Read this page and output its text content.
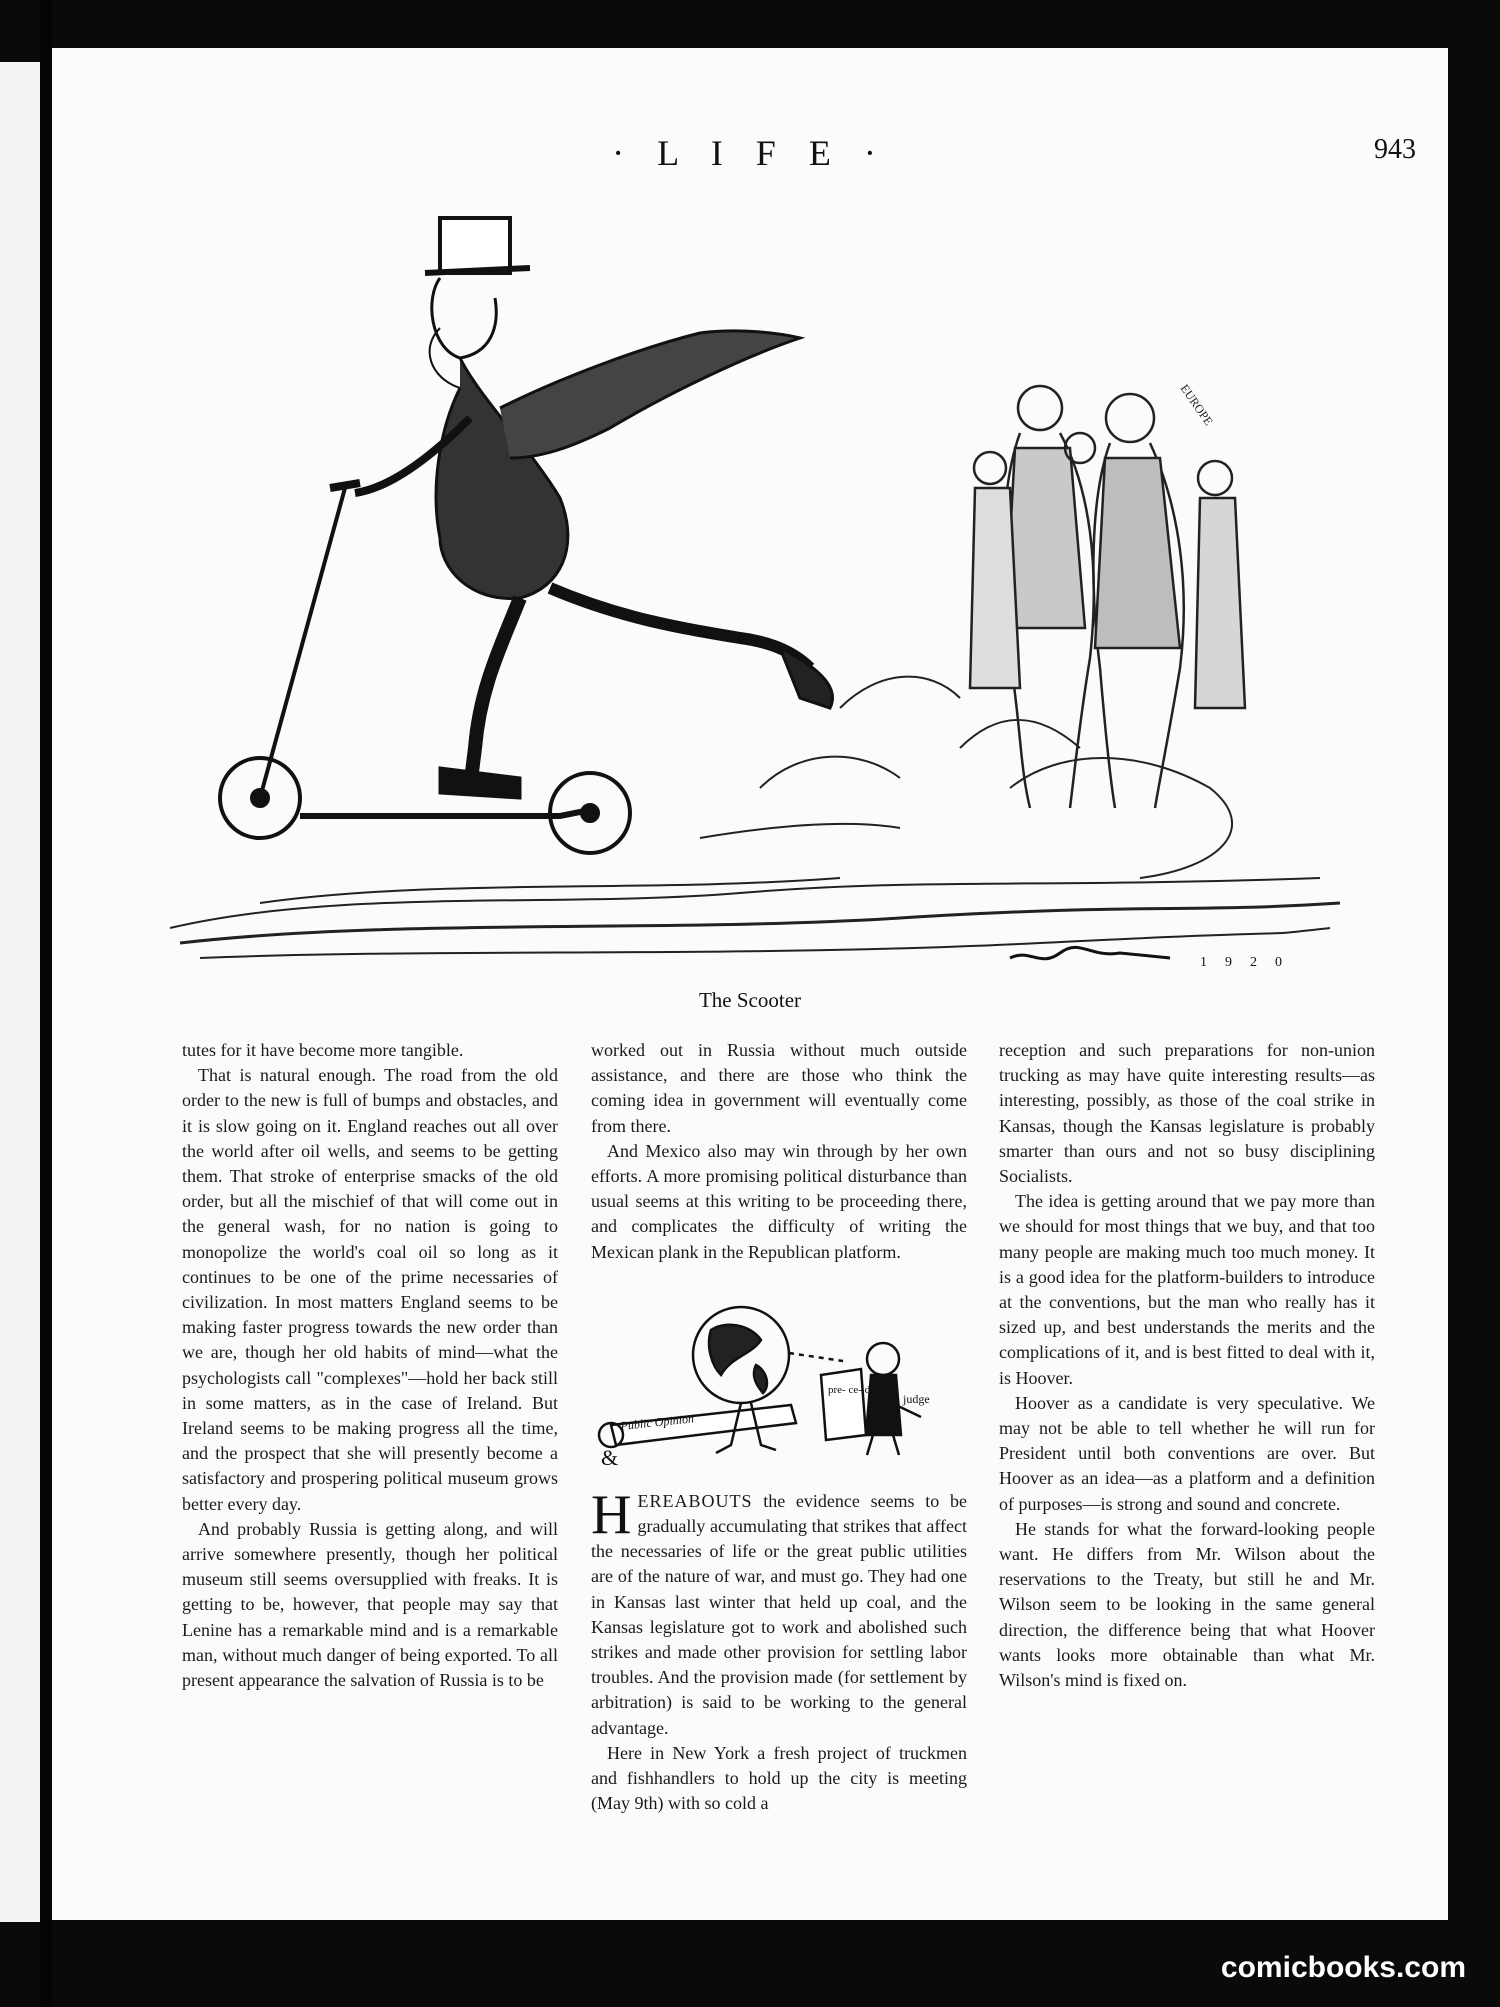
· L I F E ·	943
EUROPE
1920
The Scooter

tutes for it have become more tangible.

That is natural enough. The road from the old order to the new is full of bumps and obstacles, and it is slow going on it. England reaches out all over the world after oil wells, and seems to be getting them. That stroke of enterprise smacks of the old order, but all the mischief of that will come out in the general wash, for no nation is going to monopolize the world's coal oil so long as it continues to be one of the prime necessaries of civilization. In most matters England seems to be making faster progress towards the new order than we are, though her old habits of mind—what the psychologists call "complexes"—hold her back still in some matters, as in the case of Ireland. But Ireland seems to be making progress all the time, and the prospect that she will presently become a satisfactory and prospering political museum grows better every day.

And probably Russia is getting along, and will arrive somewhere presently, though her political museum still seems oversupplied with freaks. It is getting to be, however, that people may say that Lenine has a remarkable mind and is a remarkable man, without much danger of being exported. To all present appearance the salvation of Russia is to be

worked out in Russia without much outside assistance, and there are those who think the coming idea in government will eventually come from there.

And Mexico also may win through by her own efforts. A more promising political disturbance than usual seems at this writing to be proceeding there, and complicates the difficulty of writing the Mexican plank in the Republican platform.

Public Opinion
pre- ce- dent
judge
&

HEREABOUTS the evidence seems to be gradually accumulating that strikes that affect the necessaries of life or the great public utilities are of the nature of war, and must go. They had one in Kansas last winter that held up coal, and the Kansas legislature got to work and abolished such strikes and made other provision for settling labor troubles. And the provision made (for settlement by arbitration) is said to be working to the general advantage.

Here in New York a fresh project of truckmen and fishhandlers to hold up the city is meeting (May 9th) with so cold a

reception and such preparations for non-union trucking as may have quite interesting results—as interesting, possibly, as those of the coal strike in Kansas, though the Kansas legislature is probably smarter than ours and not so busy disciplining Socialists.

The idea is getting around that we pay more than we should for most things that we buy, and that too many people are making much too much money. It is a good idea for the platform-builders to introduce at the conventions, but the man who really has it sized up, and best understands the merits and the complications of it, and is best fitted to deal with it, is Hoover.

Hoover as a candidate is very speculative. We may not be able to tell whether he will run for President until both conventions are over. But Hoover as an idea—as a platform and a definition of purposes—is strong and sound and concrete.

He stands for what the forward-looking people want. He differs from Mr. Wilson about the reservations to the Treaty, but still he and Mr. Wilson seem to be looking in the same general direction, the difference being that what Hoover wants looks more obtainable than what Mr. Wilson's mind is fixed on.

comicbooks.com
